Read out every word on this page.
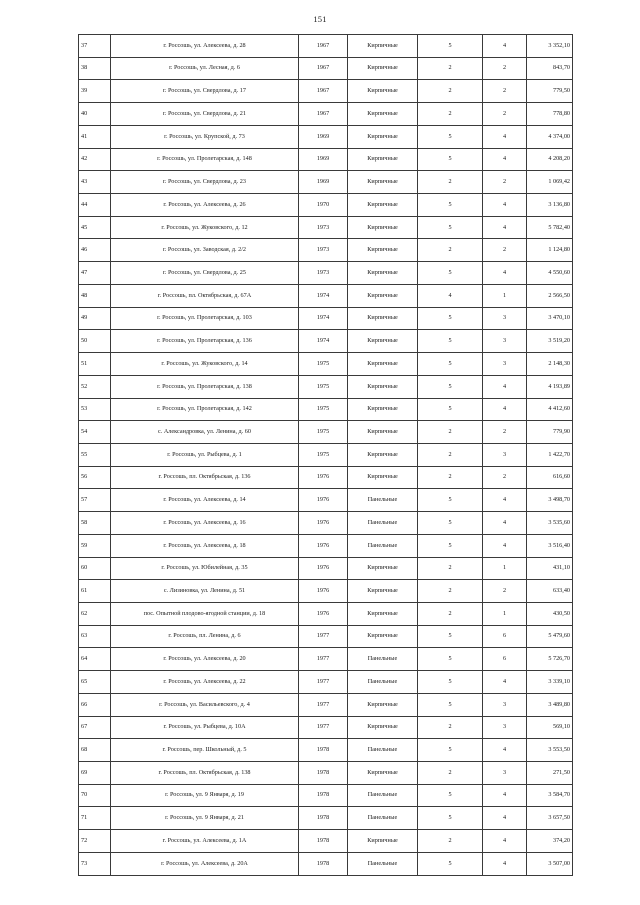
151
37	г. Россошь, ул. Алексеева, д. 28	1967	Кирпичные	5	4	3 352,10
38	г. Россошь, ул. Лесная, д. 6	1967	Кирпичные	2	2	843,70
39	г. Россошь, ул. Свердлова, д. 17	1967	Кирпичные	2	2	779,50
40	г. Россошь, ул. Свердлова, д. 21	1967	Кирпичные	2	2	778,80
41	г. Россошь, ул. Крупской, д. 73	1969	Кирпичные	5	4	4 374,00
42	г. Россошь, ул. Пролетарская, д. 148	1969	Кирпичные	5	4	4 208,20
43	г. Россошь, ул. Свердлова, д. 23	1969	Кирпичные	2	2	1 069,42
44	г. Россошь, ул. Алексеева, д. 26	1970	Кирпичные	5	4	3 136,80
45	г. Россошь, ул. Жуковского, д. 12	1973	Кирпичные	5	4	5 782,40
46	г. Россошь, ул. Заводская, д. 2/2	1973	Кирпичные	2	2	1 124,80
47	г. Россошь, ул. Свердлова, д. 25	1973	Кирпичные	5	4	4 550,60
48	г. Россошь, пл. Октябрьская, д. 67А	1974	Кирпичные	4	1	2 566,50
49	г. Россошь, ул. Пролетарская, д. 103	1974	Кирпичные	5	3	3 470,10
50	г. Россошь, ул. Пролетарская, д. 136	1974	Кирпичные	5	3	3 519,20
51	г. Россошь, ул. Жуковского, д. 14	1975	Кирпичные	5	3	2 148,30
52	г. Россошь, ул. Пролетарская, д. 138	1975	Кирпичные	5	4	4 193,89
53	г. Россошь, ул. Пролетарская, д. 142	1975	Кирпичные	5	4	4 412,60
54	с. Александровка, ул. Ленина, д. 60	1975	Кирпичные	2	2	779,90
55	г. Россошь, ул. Рыбцева, д. 1	1975	Кирпичные	2	3	1 422,70
56	г. Россошь, пл. Октябрьская, д. 136	1976	Кирпичные	2	2	616,60
57	г. Россошь, ул. Алексеева, д. 14	1976	Панельные	5	4	3 498,70
58	г. Россошь, ул. Алексеева, д. 16	1976	Панельные	5	4	3 535,60
59	г. Россошь, ул. Алексеева, д. 18	1976	Панельные	5	4	3 516,40
60	г. Россошь, ул. Юбилейная, д. 35	1976	Кирпичные	2	1	431,10
61	с. Лизиновка, ул. Ленина, д. 51	1976	Кирпичные	2	2	633,40
62	пос. Опытной плодово-ягодной станции, д. 18	1976	Кирпичные	2	1	430,50
63	г. Россошь, пл. Ленина, д. 6	1977	Кирпичные	5	6	5 479,60
64	г. Россошь, ул. Алексеева, д. 20	1977	Панельные	5	6	5 726,70
65	г. Россошь, ул. Алексеева, д. 22	1977	Панельные	5	4	3 339,10
66	г. Россошь, ул. Васильевского, д. 4	1977	Кирпичные	5	3	3 489,80
67	г. Россошь, ул. Рыбцева, д. 10А	1977	Кирпичные	2	3	569,10
68	г. Россошь, пер. Школьный, д. 5	1978	Панельные	5	4	3 553,50
69	г. Россошь, пл. Октябрьская, д. 138	1978	Кирпичные	2	3	271,50
70	г. Россошь, ул. 9 Января, д. 19	1978	Панельные	5	4	3 584,70
71	г. Россошь, ул. 9 Января, д. 21	1978	Панельные	5	4	3 657,50
72	г. Россошь, ул. Алексеева, д. 1А	1978	Кирпичные	2	4	374,20
73	г. Россошь, ул. Алексеева, д. 20А	1978	Панельные	5	4	3 507,00
